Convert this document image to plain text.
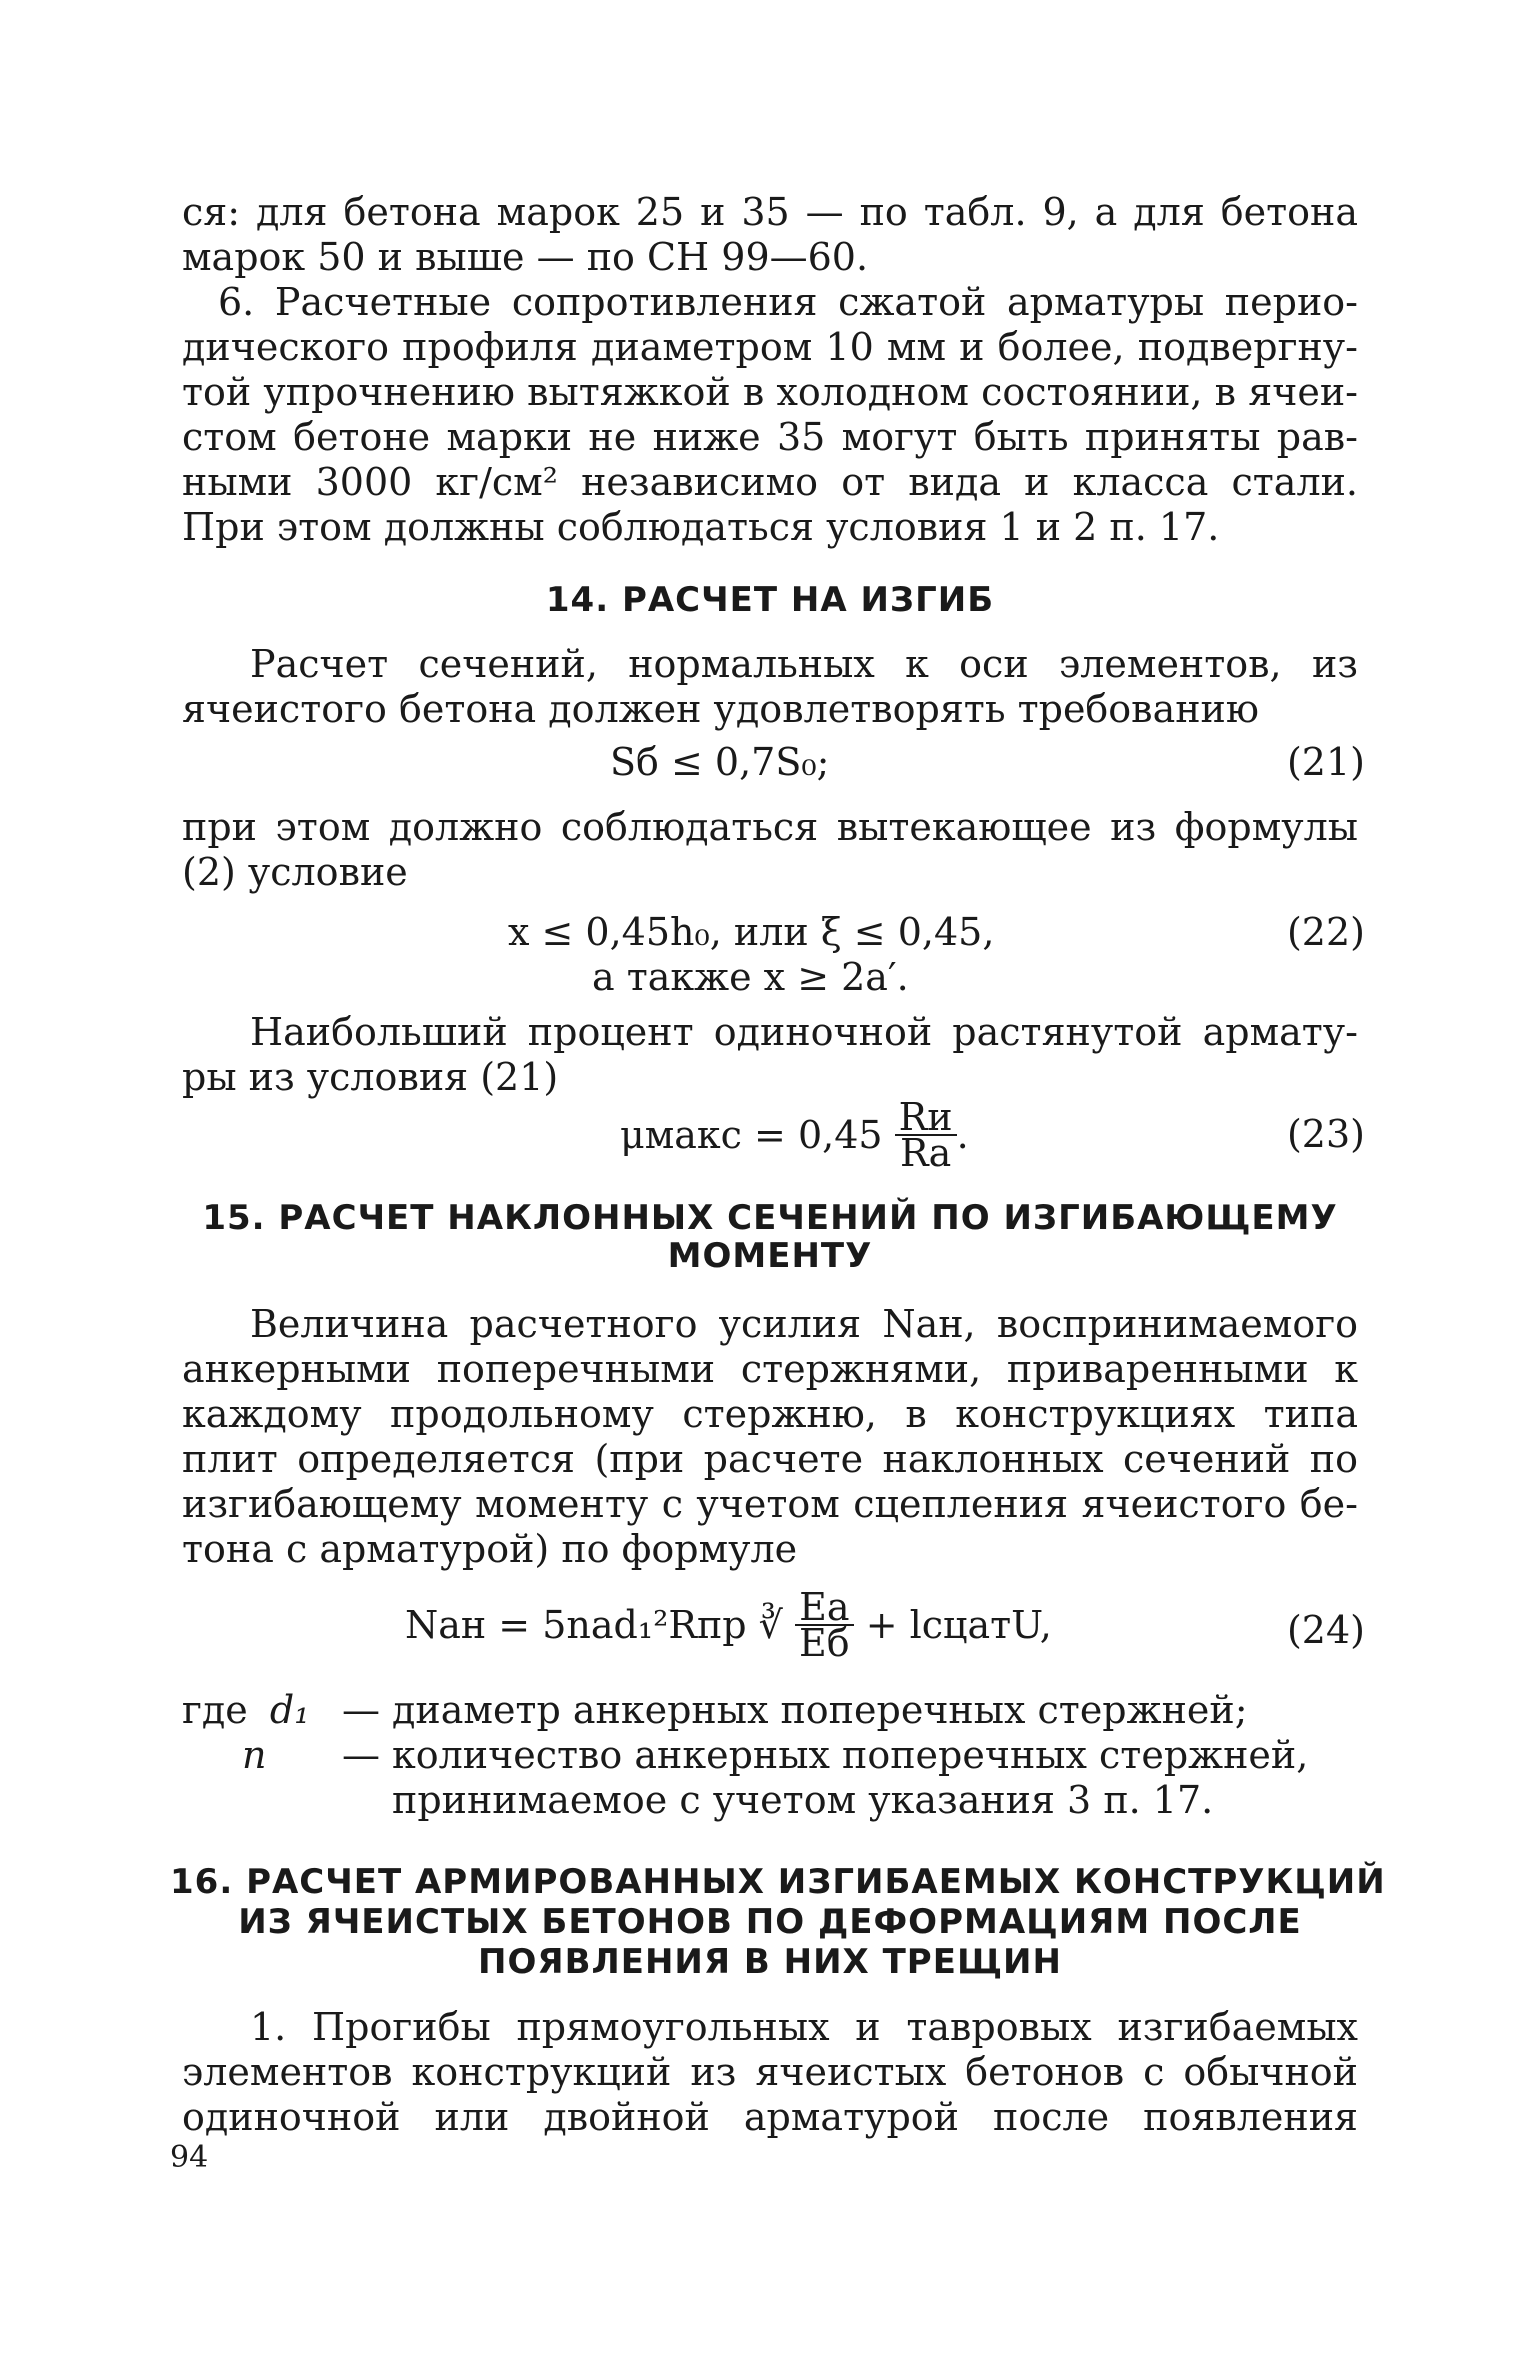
ся: для бетона марок 25 и 35 — по табл. 9, а для бетона
марок 50 и выше — по СН 99—60.
6. Расчетные сопротивления сжатой арматуры перио-
дического профиля диаметром 10 мм и более, подвергну-
той упрочнению вытяжкой в холодном состоянии, в ячеи-
стом бетоне марки не ниже 35 могут быть приняты рав-
ными 3000 кг/см² независимо от вида и класса стали.
При этом должны соблюдаться условия 1 и 2 п. 17.
14. РАСЧЕТ НА ИЗГИБ
Расчет сечений, нормальных к оси элементов, из
ячеистого бетона должен удовлетворять требованию
Sб ≤ 0,7S₀;	(21)
при этом должно соблюдаться вытекающее из формулы
(2) условие
x ≤ 0,45h₀, или ξ ≤ 0,45,	(22)
а также x ≥ 2a′.
Наибольший процент одиночной растянутой армату-
ры из условия (21)
μмакс = $0,45 \frac{Rи}{Rа}$ .	(23)
15. РАСЧЕТ НАКЛОННЫХ СЕЧЕНИЙ ПО ИЗГИБАЮЩЕМУ
МОМЕНТУ
Величина расчетного усилия Nан, воспринимаемого
анкерными поперечными стержнями, приваренными к
каждому продольному стержню, в конструкциях типа
плит определяется (при расчете наклонных сечений по
изгибающему моменту с учетом сцепления ячеистого бе-
тона с арматурой) по формуле
Nан = 5nаd₁²Rпр ∛ $\frac{Eа}{Eб}$ + lсцaтU,	(24)
где d₁ — диаметр анкерных поперечных стержней;
n — количество анкерных поперечных стержней,
принимаемое с учетом указания 3 п. 17.
16. РАСЧЕТ АРМИРОВАННЫХ ИЗГИБАЕМЫХ КОНСТРУКЦИЙ
ИЗ ЯЧЕИСТЫХ БЕТОНОВ ПО ДЕФОРМАЦИЯМ ПОСЛЕ
ПОЯВЛЕНИЯ В НИХ ТРЕЩИН
1. Прогибы прямоугольных и тавровых изгибаемых
элементов конструкций из ячеистых бетонов с обычной
одиночной или двойной арматурой после появления
94
